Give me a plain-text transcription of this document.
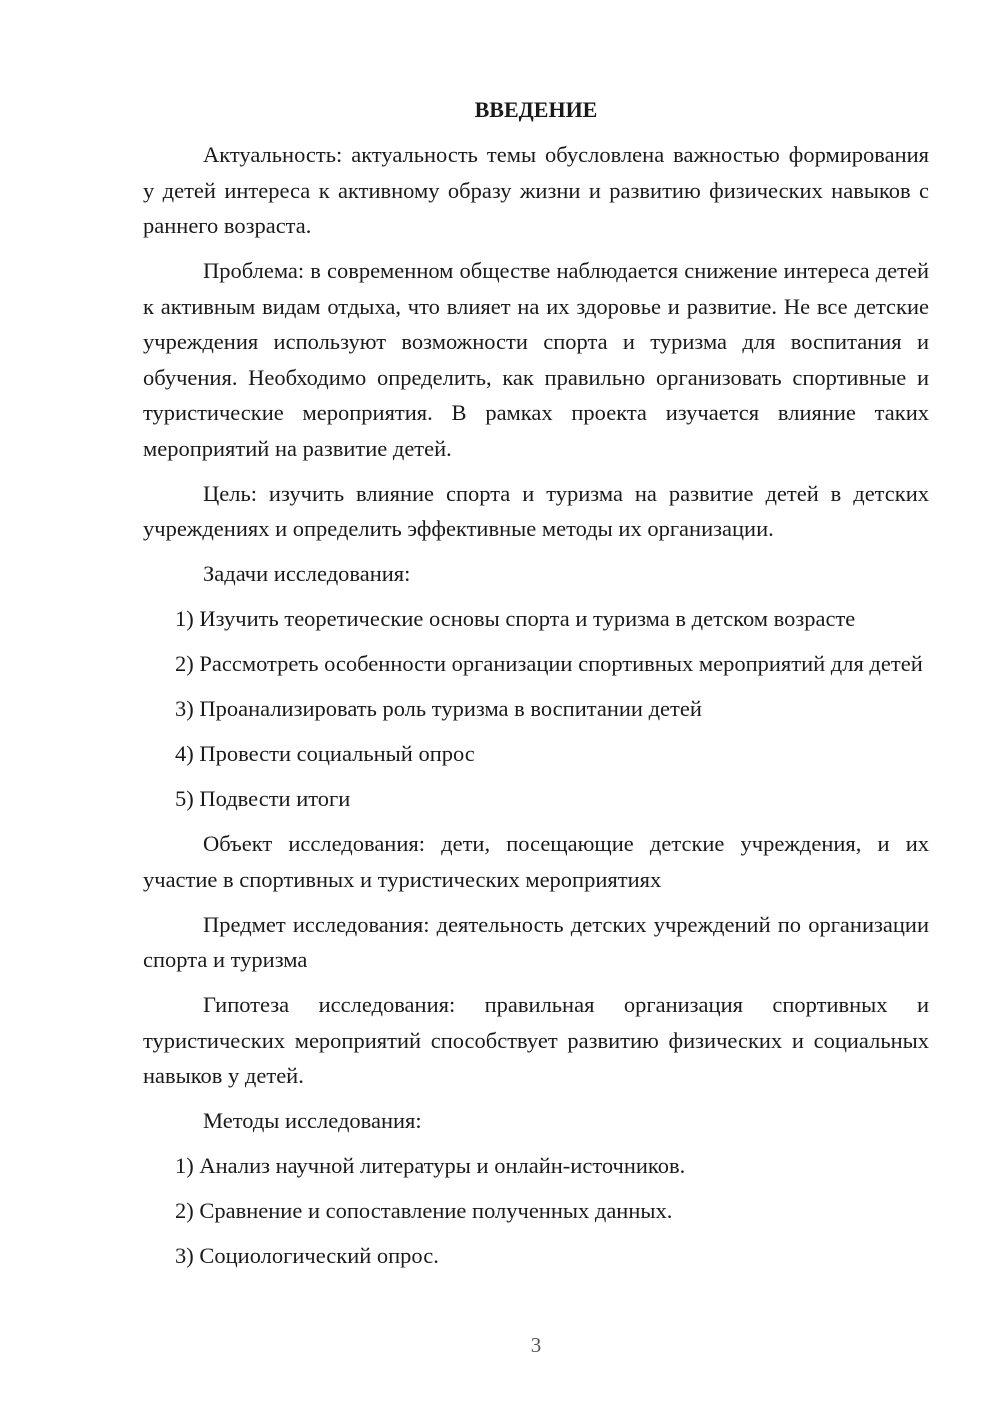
ВВЕДЕНИЕ

Актуальность: актуальность темы обусловлена важностью формирования у детей интереса к активному образу жизни и развитию физических навыков с раннего возраста.

Проблема: в современном обществе наблюдается снижение интереса детей к активным видам отдыха, что влияет на их здоровье и развитие. Не все детские учреждения используют возможности спорта и туризма для воспитания и обучения. Необходимо определить, как правильно организовать спортивные и туристические мероприятия. В рамках проекта изучается влияние таких мероприятий на развитие детей.

Цель: изучить влияние спорта и туризма на развитие детей в детских учреждениях и определить эффективные методы их организации.

Задачи исследования:

1) Изучить теоретические основы спорта и туризма в детском возрасте

2) Рассмотреть особенности организации спортивных мероприятий для детей

3) Проанализировать роль туризма в воспитании детей

4) Провести социальный опрос

5) Подвести итоги

Объект исследования: дети, посещающие детские учреждения, и их участие в спортивных и туристических мероприятиях

Предмет исследования: деятельность детских учреждений по организации спорта и туризма

Гипотеза исследования: правильная организация спортивных и туристических мероприятий способствует развитию физических и социальных навыков у детей.

Методы исследования:

1) Анализ научной литературы и онлайн-источников.

2) Сравнение и сопоставление полученных данных.

3) Социологический опрос.

3
